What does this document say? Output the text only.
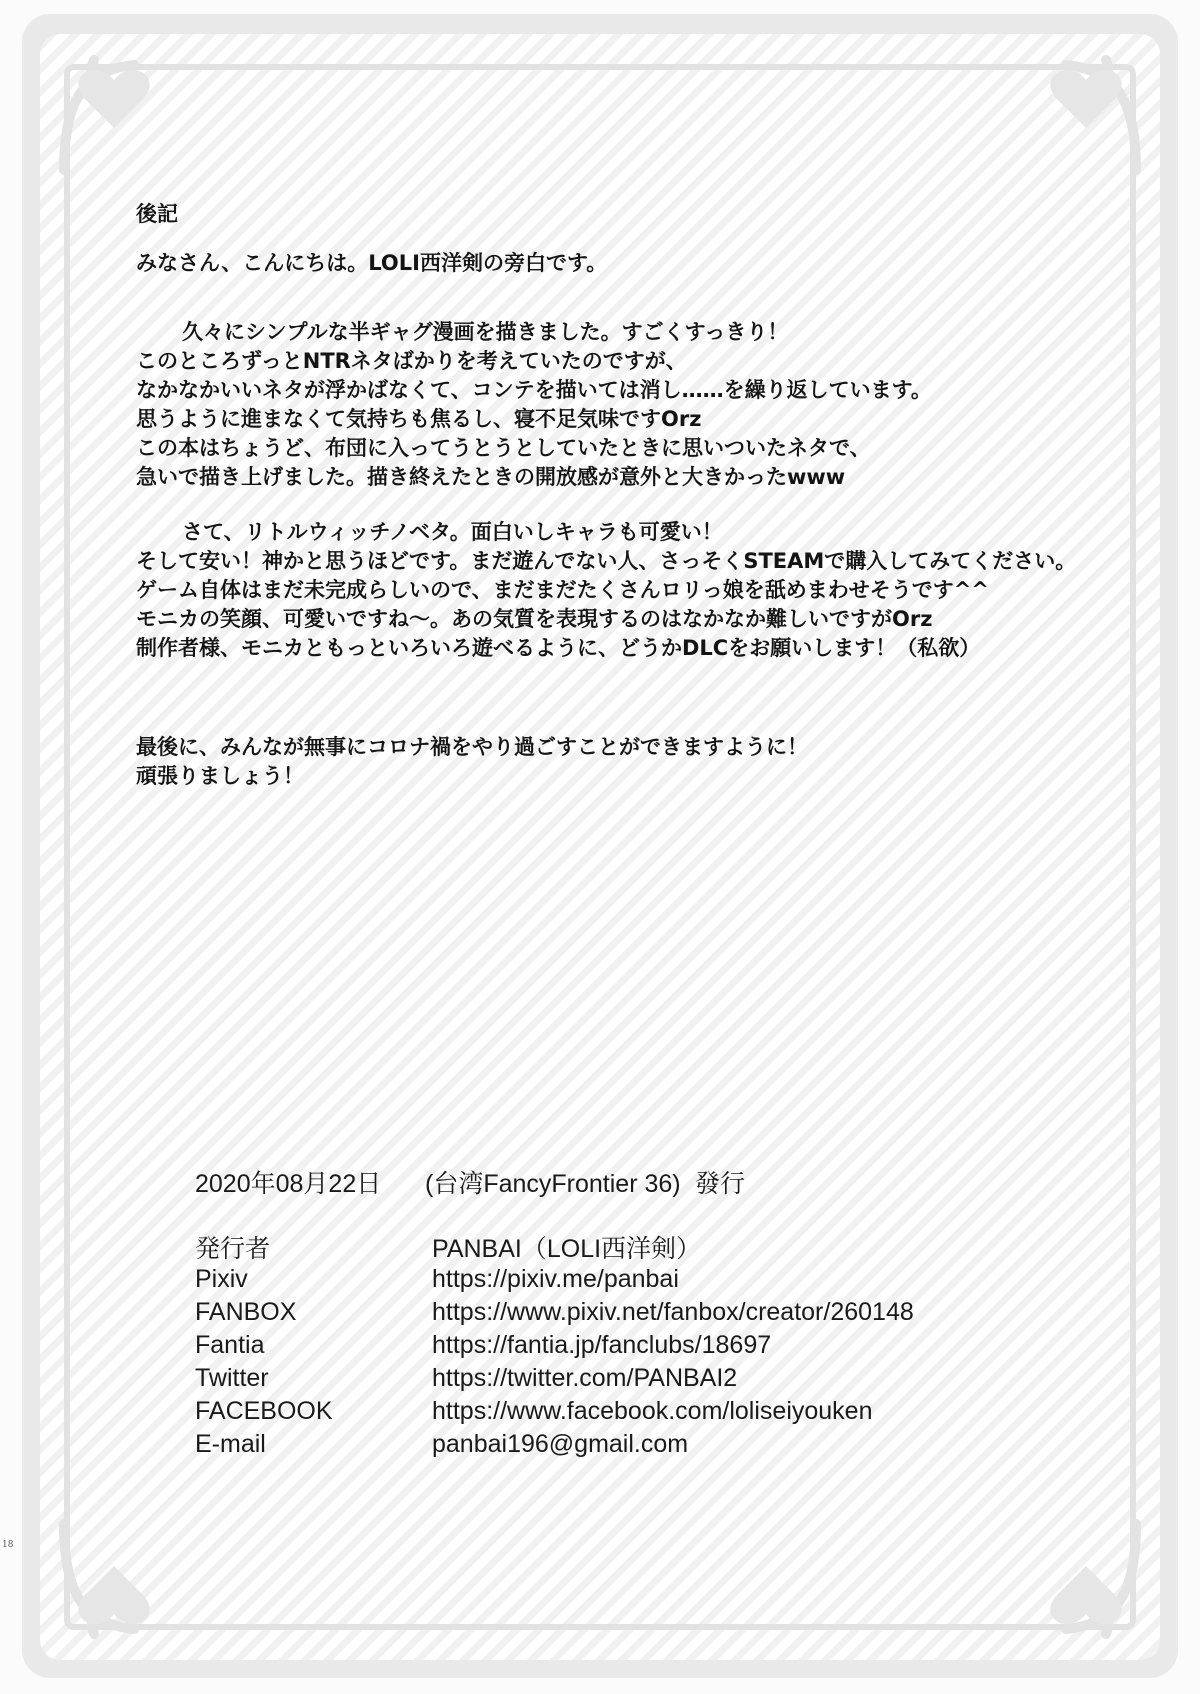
後記
みなさん、こんにちは。LOLI西洋剣の旁白です。

久々にシンプルな半ギャグ漫画を描きました。すごくすっきり！

このところずっとNTRネタばかりを考えていたのですが、

なかなかいいネタが浮かばなくて、コンテを描いては消し……を繰り返しています。

思うように進まなくて気持ちも焦るし、寝不足気味ですOrz

この本はちょうど、布団に入ってうとうとしていたときに思いついたネタで、

急いで描き上げました。描き終えたときの開放感が意外と大きかったwww

さて、リトルウィッチノベタ。面白いしキャラも可愛い！

そして安い！神かと思うほどです。まだ遊んでない人、さっそくSTEAMで購入してみてください。

ゲーム自体はまだ未完成らしいので、まだまだたくさんロリっ娘を舐めまわせそうです^^

モニカの笑顔、可愛いですね～。あの気質を表現するのはなかなか難しいですがOrz

制作者様、モニカともっといろいろ遊べるように、どうかDLCをお願いします！（私欲）

最後に、みんなが無事にコロナ禍をやり過ごすことができますように！

頑張りましょう！

2020年08月22日 (台湾FancyFrontier 36) 發行
発行者	PANBAI（LOLI西洋剣）
Pixiv	https://pixiv.me/panbai
FANBOX	https://www.pixiv.net/fanbox/creator/260148
Fantia	https://fantia.jp/fanclubs/18697
Twitter	https://twitter.com/PANBAI2
FACEBOOK	https://www.facebook.com/loliseiyouken
E-mail	panbai196@gmail.com
18
